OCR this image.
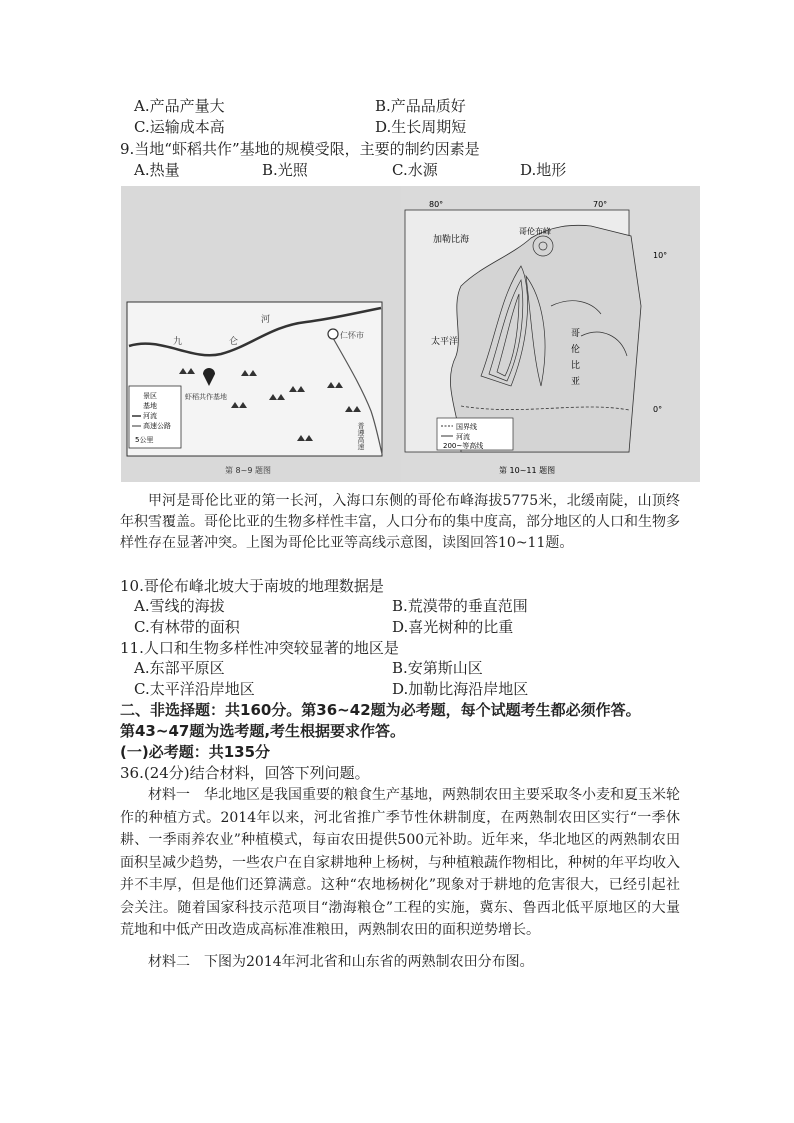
A.产品产量大	B.产品品质好
C.运输成本高	D.生长周期短
9.当地“虾稻共作”基地的规模受限，主要的制约因素是
A.热量	B.光照	C.水源	D.地形
九	仑
河
仁怀市
虾稻共作基地
普遵高速
景区
基地
河流
高速公路
5公里
第 8~9 题图
80°	70°
10°
0°
加勒比海
太平洋
哥伦布峰
哥
伦
比
亚
国界线
河流
200~等高线
第 10~11 题图

甲河是哥伦比亚的第一长河，入海口东侧的哥伦布峰海拔5775米，北缓南陡，山顶终年积雪覆盖。哥伦比亚的生物多样性丰富，人口分布的集中度高，部分地区的人口和生物多样性存在显著冲突。上图为哥伦比亚等高线示意图，读图回答10~11题。

10.哥伦布峰北坡大于南坡的地理数据是
A.雪线的海拔	B.荒漠带的垂直范围
C.有林带的面积	D.喜光树种的比重
11.人口和生物多样性冲突较显著的地区是
A.东部平原区	B.安第斯山区
C.太平洋沿岸地区	D.加勒比海沿岸地区
二、非选择题：共160分。第36~42题为必考题，每个试题考生都必须作答。
第43~47题为选考题,考生根据要求作答。
(一)必考题：共135分
36.(24分)结合材料，回答下列问题。

材料一　华北地区是我国重要的粮食生产基地，两熟制农田主要采取冬小麦和夏玉米轮作的种植方式。2014年以来，河北省推广季节性休耕制度，在两熟制农田区实行“一季休耕、一季雨养农业”种植模式，每亩农田提供500元补助。近年来，华北地区的两熟制农田面积呈减少趋势，一些农户在自家耕地种上杨树，与种植粮蔬作物相比，种树的年平均收入并不丰厚，但是他们还算满意。这种“农地杨树化”现象对于耕地的危害很大，已经引起社会关注。随着国家科技示范项目“渤海粮仓”工程的实施，冀东、鲁西北低平原地区的大量荒地和中低产田改造成高标准准粮田，两熟制农田的面积逆势增长。

材料二　下图为2014年河北省和山东省的两熟制农田分布图。
